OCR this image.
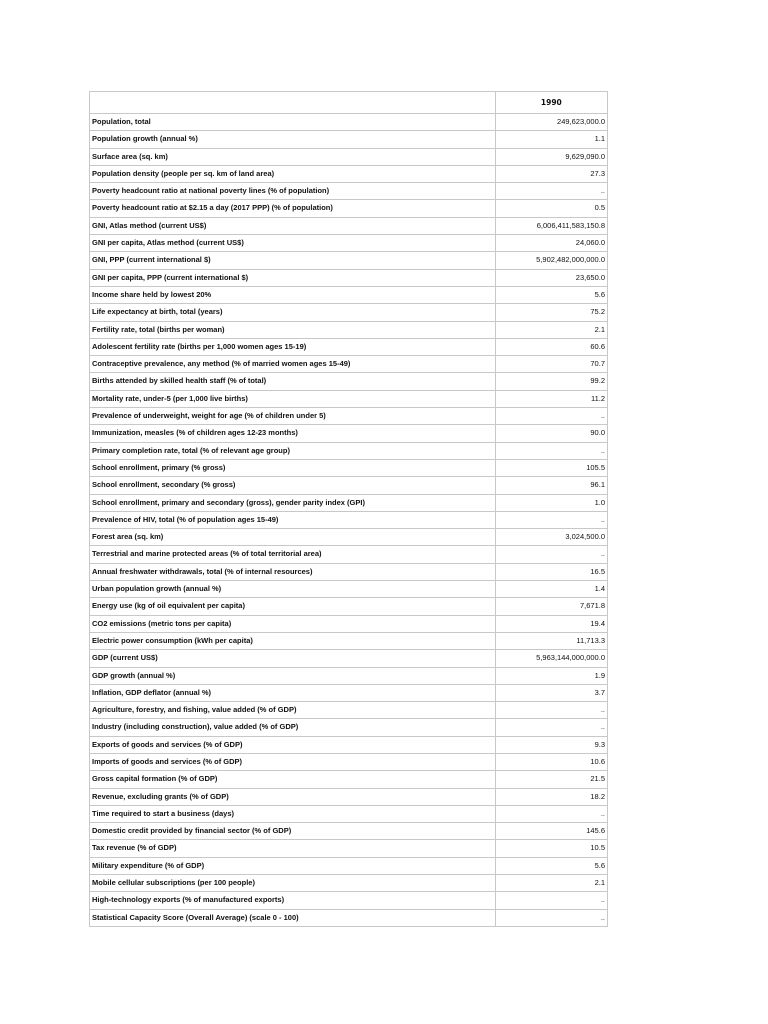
	1990
Population, total	249,623,000.0
Population growth (annual %)	1.1
Surface area (sq. km)	9,629,090.0
Population density (people per sq. km of land area)	27.3
Poverty headcount ratio at national poverty lines (% of population)	..
Poverty headcount ratio at $2.15 a day (2017 PPP) (% of population)	0.5
GNI, Atlas method (current US$)	6,006,411,583,150.8
GNI per capita, Atlas method (current US$)	24,060.0
GNI, PPP (current international $)	5,902,482,000,000.0
GNI per capita, PPP (current international $)	23,650.0
Income share held by lowest 20%	5.6
Life expectancy at birth, total (years)	75.2
Fertility rate, total (births per woman)	2.1
Adolescent fertility rate (births per 1,000 women ages 15-19)	60.6
Contraceptive prevalence, any method (% of married women ages 15-49)	70.7
Births attended by skilled health staff (% of total)	99.2
Mortality rate, under-5 (per 1,000 live births)	11.2
Prevalence of underweight, weight for age (% of children under 5)	..
Immunization, measles (% of children ages 12-23 months)	90.0
Primary completion rate, total (% of relevant age group)	..
School enrollment, primary (% gross)	105.5
School enrollment, secondary (% gross)	96.1
School enrollment, primary and secondary (gross), gender parity index (GPI)	1.0
Prevalence of HIV, total (% of population ages 15-49)	..
Forest area (sq. km)	3,024,500.0
Terrestrial and marine protected areas (% of total territorial area)	..
Annual freshwater withdrawals, total (% of internal resources)	16.5
Urban population growth (annual %)	1.4
Energy use (kg of oil equivalent per capita)	7,671.8
CO2 emissions (metric tons per capita)	19.4
Electric power consumption (kWh per capita)	11,713.3
GDP (current US$)	5,963,144,000,000.0
GDP growth (annual %)	1.9
Inflation, GDP deflator (annual %)	3.7
Agriculture, forestry, and fishing, value added (% of GDP)	..
Industry (including construction), value added (% of GDP)	..
Exports of goods and services (% of GDP)	9.3
Imports of goods and services (% of GDP)	10.6
Gross capital formation (% of GDP)	21.5
Revenue, excluding grants (% of GDP)	18.2
Time required to start a business (days)	..
Domestic credit provided by financial sector (% of GDP)	145.6
Tax revenue (% of GDP)	10.5
Military expenditure (% of GDP)	5.6
Mobile cellular subscriptions (per 100 people)	2.1
High-technology exports (% of manufactured exports)	..
Statistical Capacity Score (Overall Average) (scale 0 - 100)	..
